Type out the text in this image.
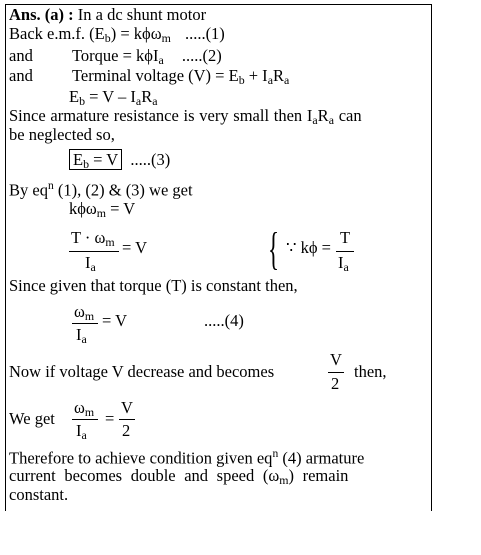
Ans. (a) : In a dc shunt motor
Back e.m.f. $(E_b) = k\phi\omega_m$ .....(1)
and Torque = kϕI$_a$ .....(2)
and Terminal voltage $(V) = E_b + I_aR_a$
$E_b = V - I_aR_a$
Since armature resistance is very small then $I_aR_a$ can
be neglected so,
$E_b = V$ .....(3)
By $eq^n$ (1), (2) & (3) we get
kϕω$_m$ = V
$T \cdot \omega_m$
$I_a$
= V	{ ∵ kϕ =
T
$I_a$
Since given that torque (T) is constant then,
$\omega_m$
$I_a$
= V	.....(4)
Now if voltage V decrease and becomes
V
2
then,
We get
$\omega_m$
$I_a$
=
V
2
Therefore to achieve condition given $eq^n$ (4) armature
current becomes double and speed $(\omega_m)$ remain
constant.
